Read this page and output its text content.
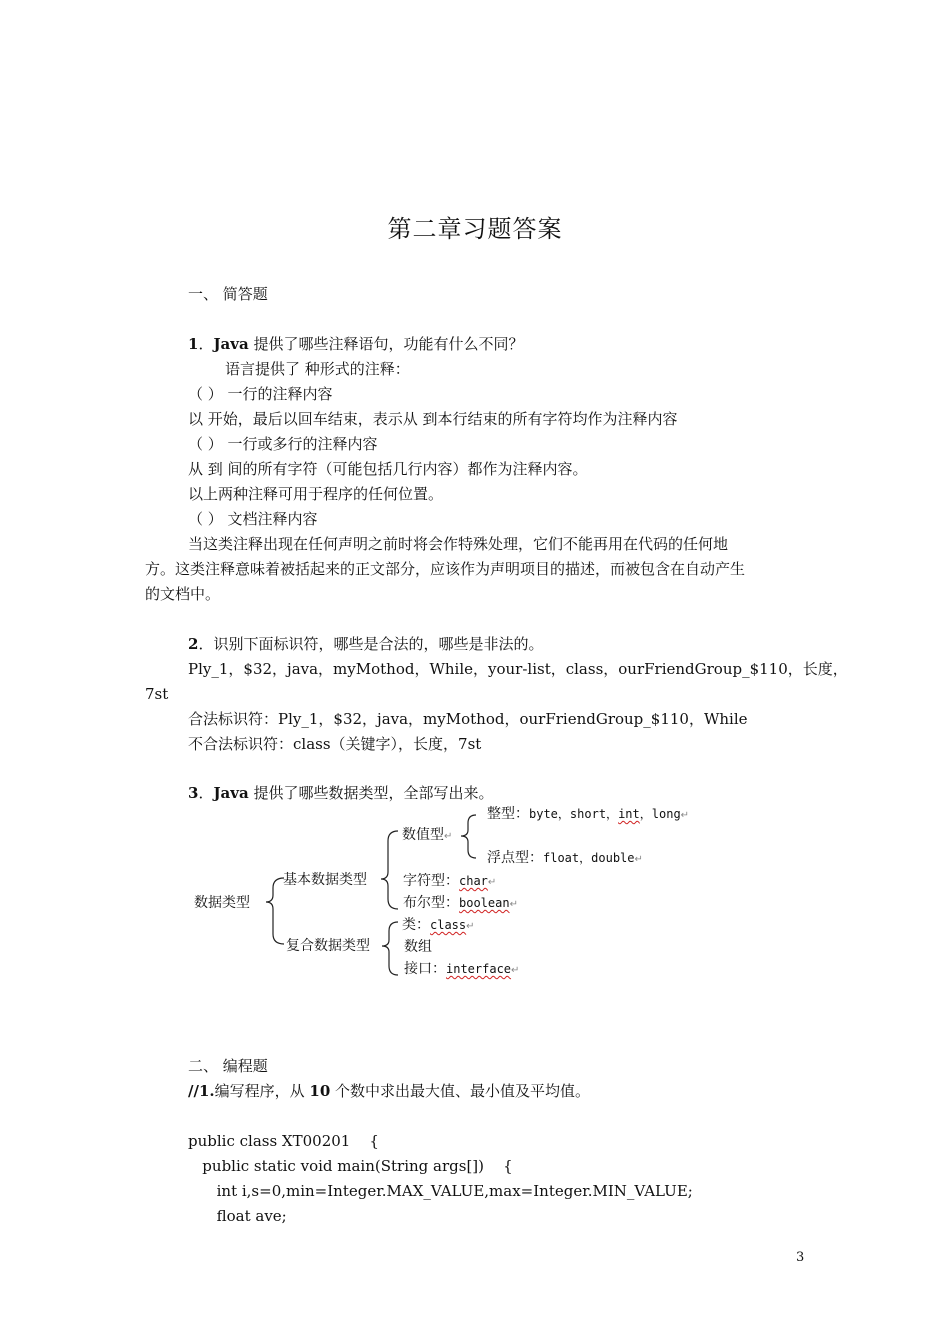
第二章习题答案
一、 简答题
1．Java 提供了哪些注释语句，功能有什么不同？
语言提供了 种形式的注释：
（ ） 一行的注释内容
以 开始，最后以回车结束，表示从 到本行结束的所有字符均作为注释内容
（ ） 一行或多行的注释内容
从 到 间的所有字符（可能包括几行内容）都作为注释内容。
以上两种注释可用于程序的任何位置。
（ ） 文档注释内容
当这类注释出现在任何声明之前时将会作特殊处理，它们不能再用在代码的任何地
方。这类注释意味着被括起来的正文部分，应该作为声明项目的描述，而被包含在自动产生
的文档中。
2．识别下面标识符，哪些是合法的，哪些是非法的。
Ply_1，$32，java，myMothod，While，your-list，class，ourFriendGroup_$110，长度，
7st
合法标识符：Ply_1，$32，java，myMothod，ourFriendGroup_$110，While
不合法标识符：class（关键字），长度，7st
3．Java 提供了哪些数据类型，全部写出来。
数据类型
基本数据类型
复合数据类型
数值型↵
整型：byte，short，int，long↵
浮点型：float，double↵
字符型：char↵
布尔型：boolean↵
类：class↵
数组
接口：interface↵
二、 编程题
//1.编写程序，从 10 个数中求出最大值、最小值及平均值。
public class XT00201    {
public static void main(String args[])    {
int i,s=0,min=Integer.MAX_VALUE,max=Integer.MIN_VALUE;
float ave;
3
